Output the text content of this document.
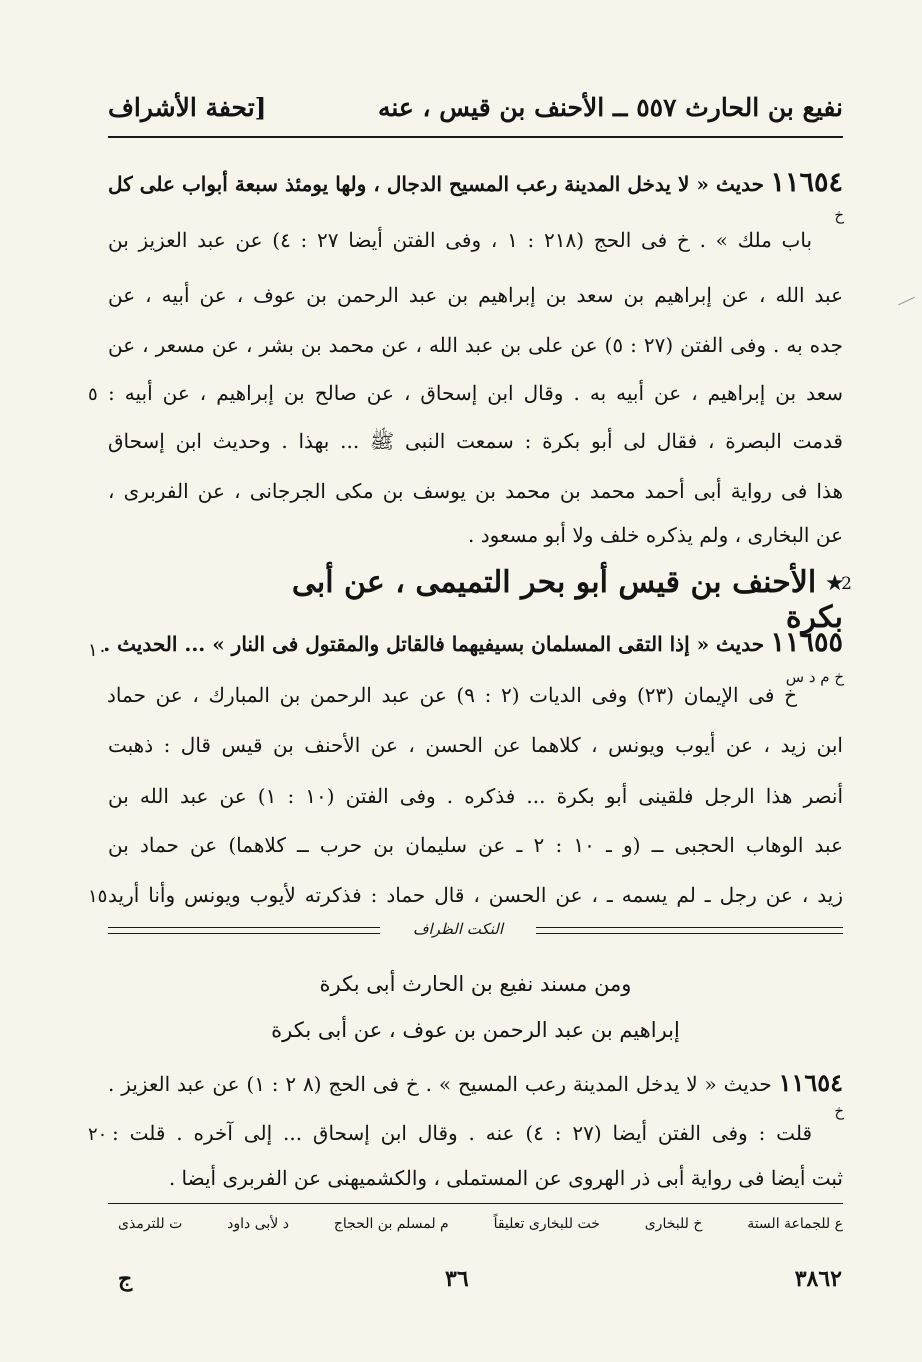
نفيع بن الحارث ٥٥٧ ــ الأحنف بن قيس ، عنه
[تحفة الأشراف
١١٦٥٤ حديث « لا يدخل المدينة رعب المسيح الدجال ، ولها يومئذ سبعة أبواب على كل
خ
باب ملك » . خ فى الحج (٢١٨ : ١ ، وفى الفتن أيضا ٢٧ : ٤) عن عبد العزيز بن
عبد الله ، عن إبراهيم بن سعد بن إبراهيم بن عبد الرحمن بن عوف ، عن أبيه ، عن
جده به . وفى الفتن (٢٧ : ٥) عن على بن عبد الله ، عن محمد بن بشر ، عن مسعر ، عن
سعد بن إبراهيم ، عن أبيه به . وقال ابن إسحاق ، عن صالح بن إبراهيم ، عن أبيه :
٥
قدمت البصرة ، فقال لى أبو بكرة : سمعت النبى ﷺ ... بهذا . وحديث ابن إسحاق
هذا فى رواية أبى أحمد محمد بن محمد بن يوسف بن مكى الجرجانى ، عن الفربرى ،
عن البخارى ، ولم يذكره خلف ولا أبو مسعود .
٭ الأحنف بن قيس أبو بحر التميمى ، عن أبى بكرة
2
١١٦٥٥ حديث « إذا التقى المسلمان بسيفيهما فالقاتل والمقتول فى النار » ... الحديث .
١٠
خ م د س
خ فى الإيمان (٢٣) وفى الديات (٢ : ٩) عن عبد الرحمن بن المبارك ، عن حماد
ابن زيد ، عن أيوب ويونس ، كلاهما عن الحسن ، عن الأحنف بن قيس قال : ذهبت
أنصر هذا الرجل فلقينى أبو بكرة ... فذكره . وفى الفتن (١٠ : ١) عن عبد الله بن
عبد الوهاب الحجبى ــ (و ـ ١٠ : ٢ ـ عن سليمان بن حرب ــ كلاهما) عن حماد بن
زيد ، عن رجل ـ لم يسمه ـ ، عن الحسن ، قال حماد : فذكرته لأيوب ويونس وأنا أريد
١٥
النكت الظراف
ومن مسند نفيع بن الحارث أبى بكرة
إبراهيم بن عبد الرحمن بن عوف ، عن أبى بكرة
١١٦٥٤ حديث « لا يدخل المدينة رعب المسيح » . خ فى الحج (٨ ٢ : ١) عن عبد العزيز .
خ
قلت : وفى الفتن أيضا (٢٧ : ٤) عنه . وقال ابن إسحاق ... إلى آخره . قلت :
٢٠
ثبت أيضا فى رواية أبى ذر الهروى عن المستملى ، والكشميهنى عن الفربرى أيضا .
ع للجماعة الستة
خ للبخارى
خت للبخارى تعليقاً
م لمسلم بن الحجاج
د لأبى داود
ت للترمذى
٣٨٦٢
٣٦
ج
